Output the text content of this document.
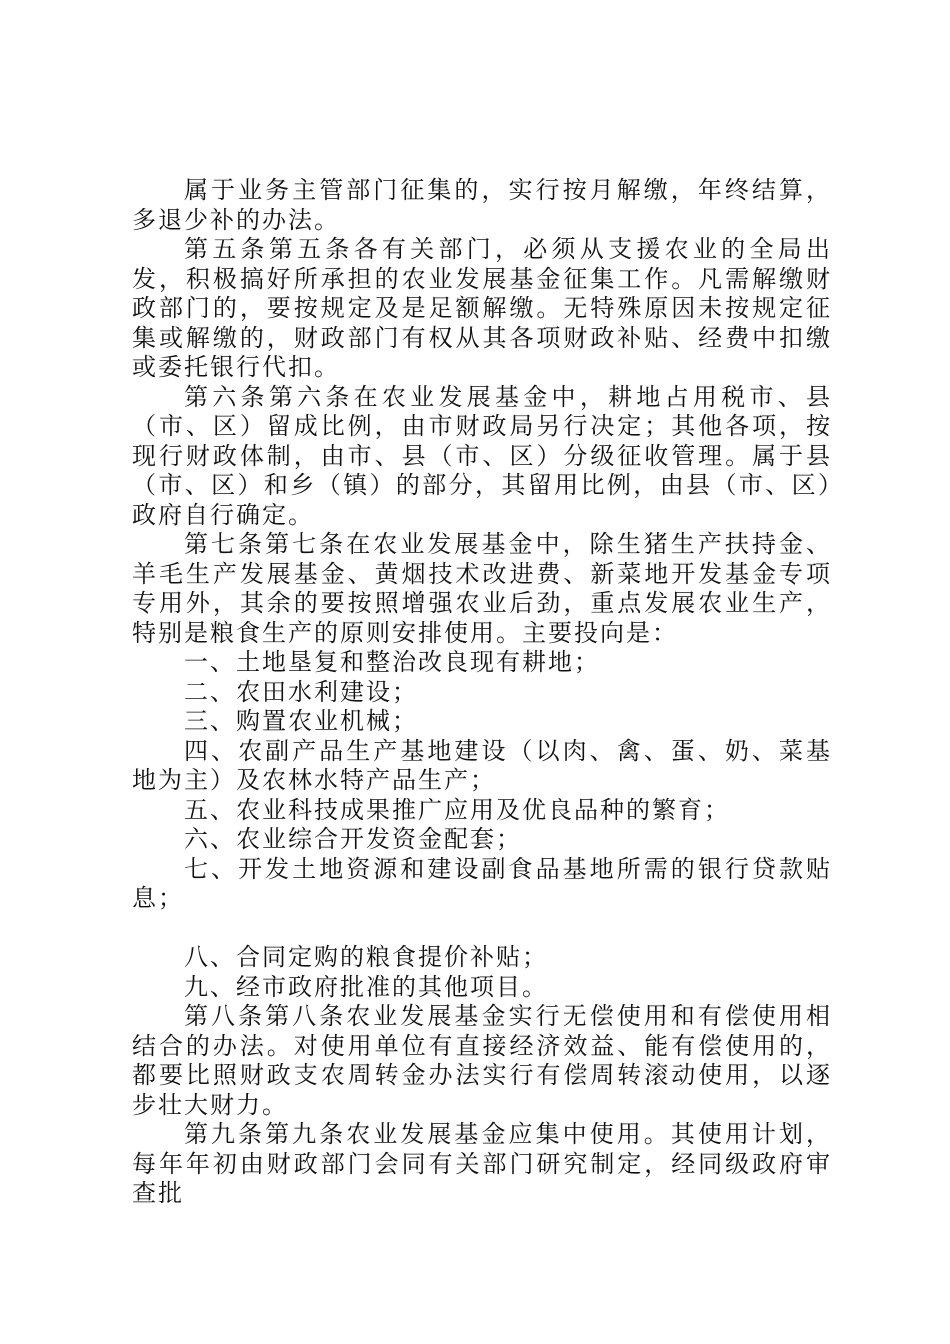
属于业务主管部门征集的，实行按月解缴，年终结算，多退少补的办法。

第五条第五条各有关部门，必须从支援农业的全局出发，积极搞好所承担的农业发展基金征集工作。凡需解缴财政部门的，要按规定及是足额解缴。无特殊原因未按规定征集或解缴的，财政部门有权从其各项财政补贴、经费中扣缴或委托银行代扣。

第六条第六条在农业发展基金中，耕地占用税市、县（市、区）留成比例，由市财政局另行决定；其他各项，按现行财政体制，由市、县（市、区）分级征收管理。属于县（市、区）和乡（镇）的部分，其留用比例，由县（市、区）政府自行确定。

第七条第七条在农业发展基金中，除生猪生产扶持金、羊毛生产发展基金、黄烟技术改进费、新菜地开发基金专项专用外，其余的要按照增强农业后劲，重点发展农业生产，特别是粮食生产的原则安排使用。主要投向是：

一、土地垦复和整治改良现有耕地；

二、农田水利建设；

三、购置农业机械；

四、农副产品生产基地建设（以肉、禽、蛋、奶、菜基地为主）及农林水特产品生产；

五、农业科技成果推广应用及优良品种的繁育；

六、农业综合开发资金配套；

七、开发土地资源和建设副食品基地所需的银行贷款贴息；

八、合同定购的粮食提价补贴；

九、经市政府批准的其他项目。

第八条第八条农业发展基金实行无偿使用和有偿使用相结合的办法。对使用单位有直接经济效益、能有偿使用的，都要比照财政支农周转金办法实行有偿周转滚动使用，以逐步壮大财力。

第九条第九条农业发展基金应集中使用。其使用计划，每年年初由财政部门会同有关部门研究制定，经同级政府审查批
